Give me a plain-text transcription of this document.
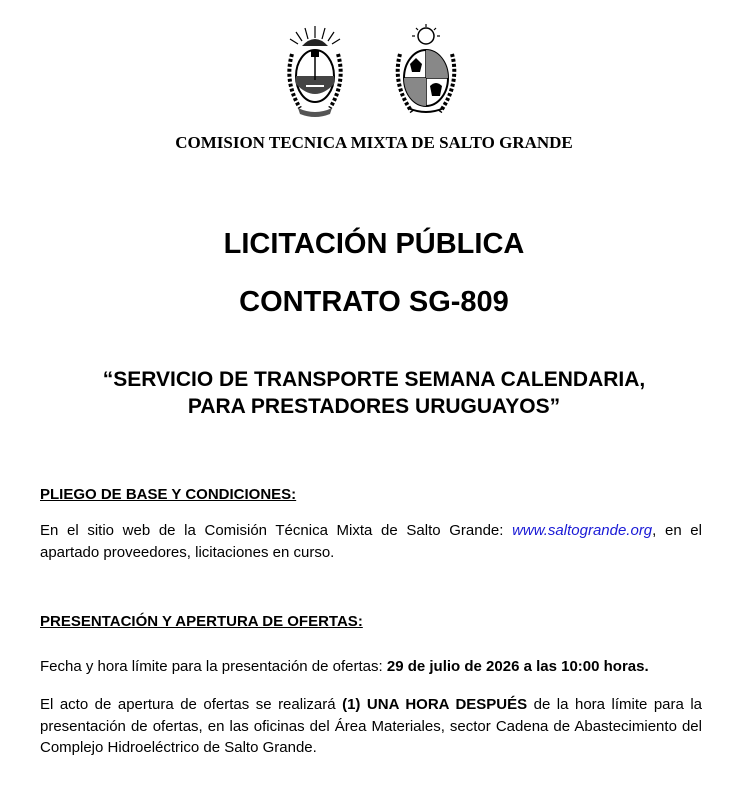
COMISION TECNICA MIXTA DE SALTO GRANDE
LICITACIÓN PÚBLICA
CONTRATO SG-809
“SERVICIO DE TRANSPORTE SEMANA CALENDARIA,
PARA PRESTADORES URUGUAYOS”
PLIEGO DE BASE Y CONDICIONES:
En el sitio web de la Comisión Técnica Mixta de Salto Grande: www.saltogrande.org, en el apartado proveedores, licitaciones en curso.
PRESENTACIÓN Y APERTURA DE OFERTAS:
Fecha y hora límite para la presentación de ofertas: 29 de julio de 2026 a las 10:00 horas.
El acto de apertura de ofertas se realizará (1) UNA HORA DESPUÉS de la hora límite para la presentación de ofertas, en las oficinas del Área Materiales, sector Cadena de Abastecimiento del Complejo Hidroeléctrico de Salto Grande.
